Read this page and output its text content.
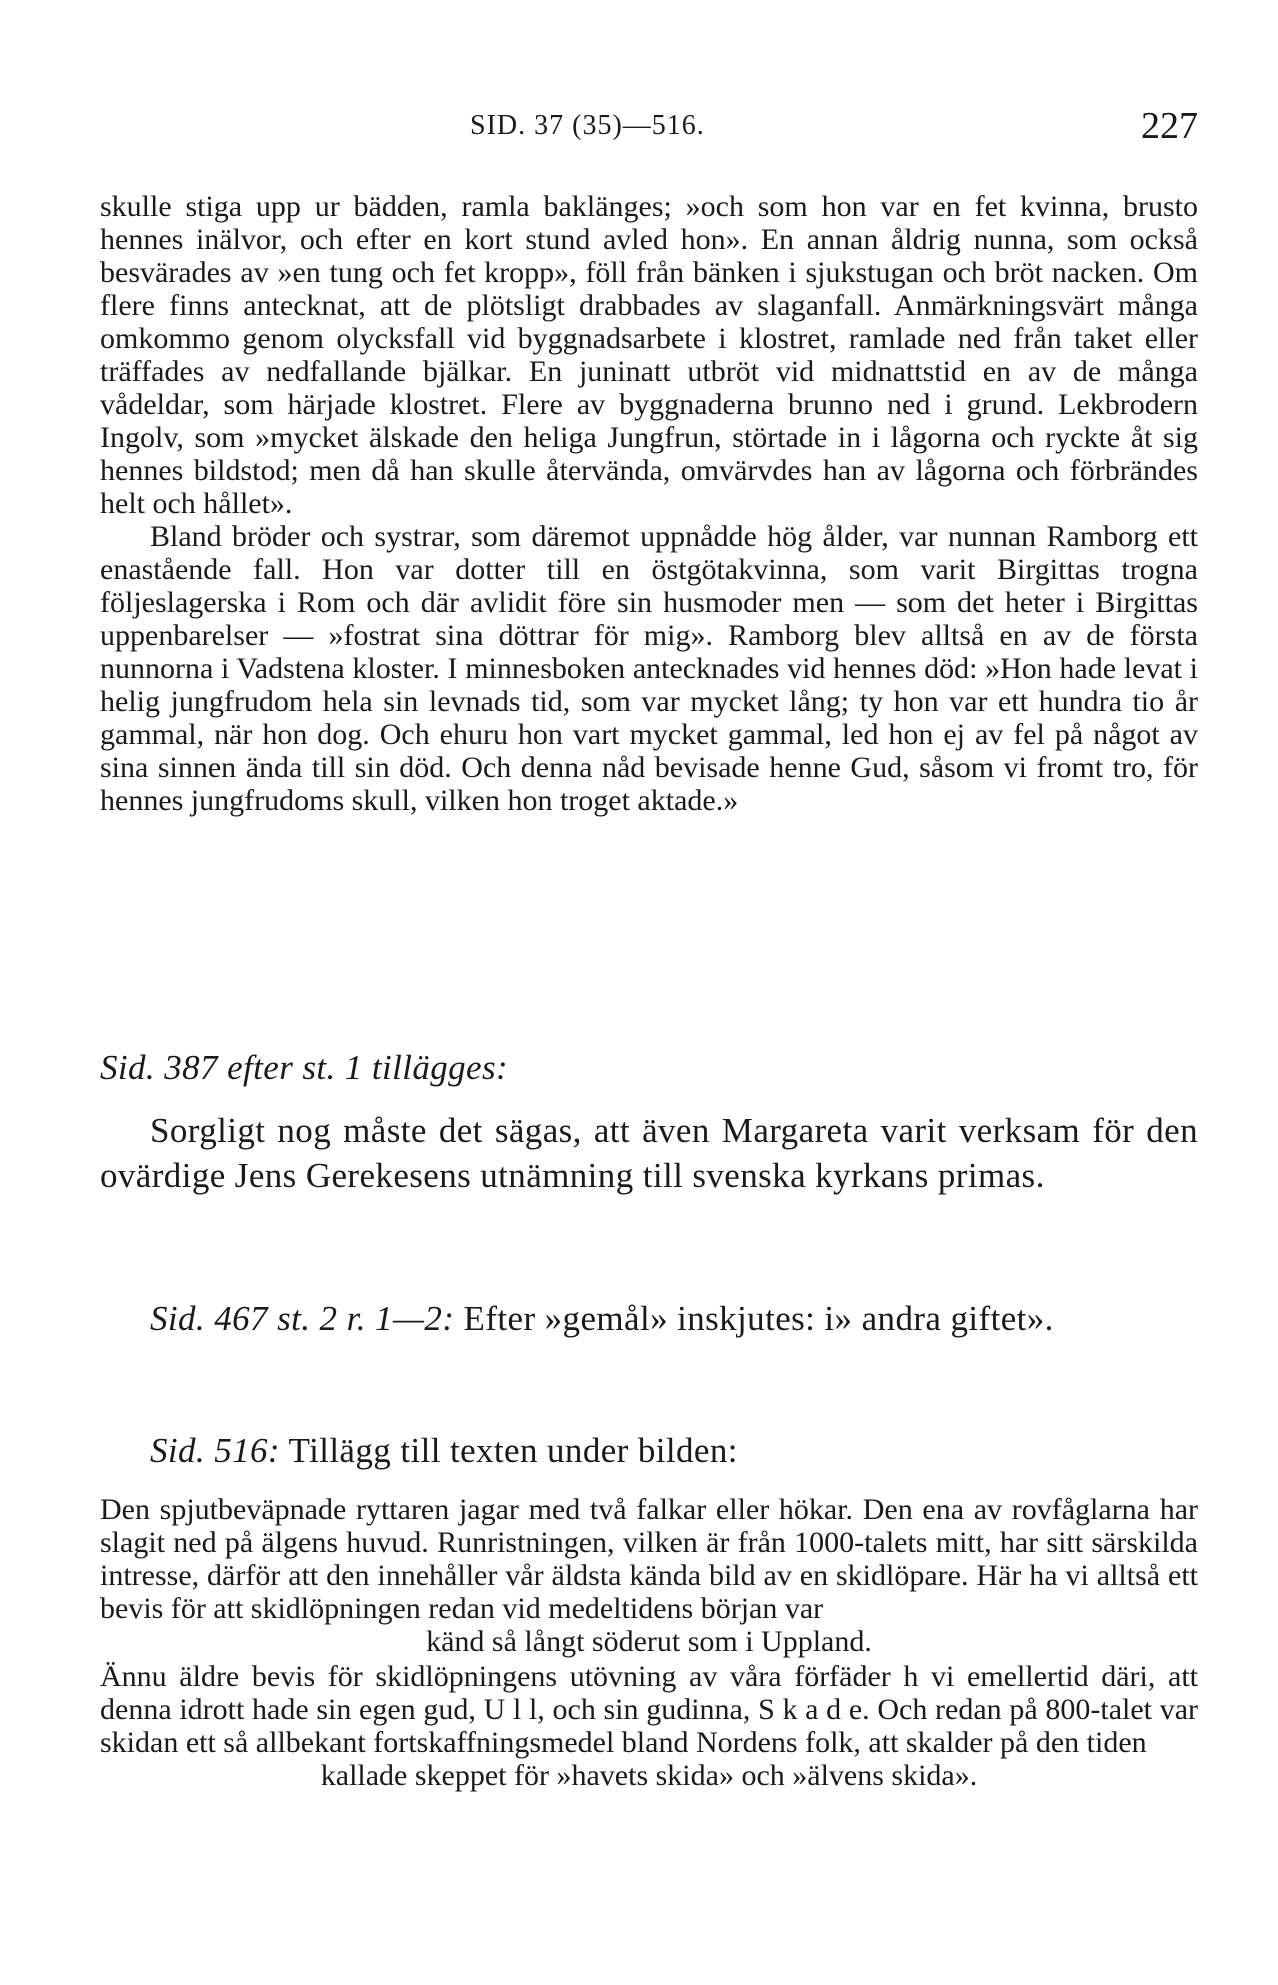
SID. 37 (35)—516.	227

skulle stiga upp ur bädden, ramla baklänges; »och som hon var en fet kvinna, brusto hennes inälvor, och efter en kort stund avled hon». En annan åldrig nunna, som också besvärades av »en tung och fet kropp», föll från bänken i sjukstugan och bröt nacken. Om flere finns antecknat, att de plötsligt drabbades av slaganfall. Anmärkningsvärt många omkommo genom olycksfall vid byggnadsarbete i klostret, ramlade ned från taket eller träffades av nedfallande bjälkar. En juninatt utbröt vid midnattstid en av de många vådeldar, som härjade klostret. Flere av byggnaderna brunno ned i grund. Lekbrodern Ingolv, som »mycket älskade den heliga Jungfrun, störtade in i lågorna och ryckte åt sig hennes bildstod; men då han skulle återvända, omvärvdes han av lågorna och förbrändes helt och hållet».

Bland bröder och systrar, som däremot uppnådde hög ålder, var nunnan Ramborg ett enastående fall. Hon var dotter till en östgötakvinna, som varit Birgittas trogna följeslagerska i Rom och där avlidit före sin husmoder men — som det heter i Birgittas uppenbarelser — »fostrat sina döttrar för mig». Ramborg blev alltså en av de första nunnorna i Vadstena kloster. I minnesboken antecknades vid hennes död: »Hon hade levat i helig jungfrudom hela sin levnads tid, som var mycket lång; ty hon var ett hundra tio år gammal, när hon dog. Och ehuru hon vart mycket gammal, led hon ej av fel på något av sina sinnen ända till sin död. Och denna nåd bevisade henne Gud, såsom vi fromt tro, för hennes jungfrudoms skull, vilken hon troget aktade.»

Sid. 387 efter st. 1 tillägges:

Sorgligt nog måste det sägas, att även Margareta varit verksam för den ovärdige Jens Gerekesens utnämning till svenska kyrkans primas.

Sid. 467 st. 2 r. 1—2: Efter »gemål» inskjutes: i» andra giftet».

Sid. 516: Tillägg till texten under bilden:

Den spjutbeväpnade ryttaren jagar med två falkar eller hökar. Den ena av rovfåglarna har slagit ned på älgens huvud. Runristningen, vilken är från 1000-talets mitt, har sitt särskilda intresse, därför att den innehåller vår äldsta kända bild av en skidlöpare. Här ha vi alltså ett bevis för att skidlöpningen redan vid medeltidens början var

känd så långt söderut som i Uppland.

Ännu äldre bevis för skidlöpningens utövning av våra förfäder h vi emellertid däri, att denna idrott hade sin egen gud, U l l, och sin gudinna, S k a d e. Och redan på 800-talet var skidan ett så allbekant fortskaffningsmedel bland Nordens folk, att skalder på den tiden

kallade skeppet för »havets skida» och »älvens skida».
